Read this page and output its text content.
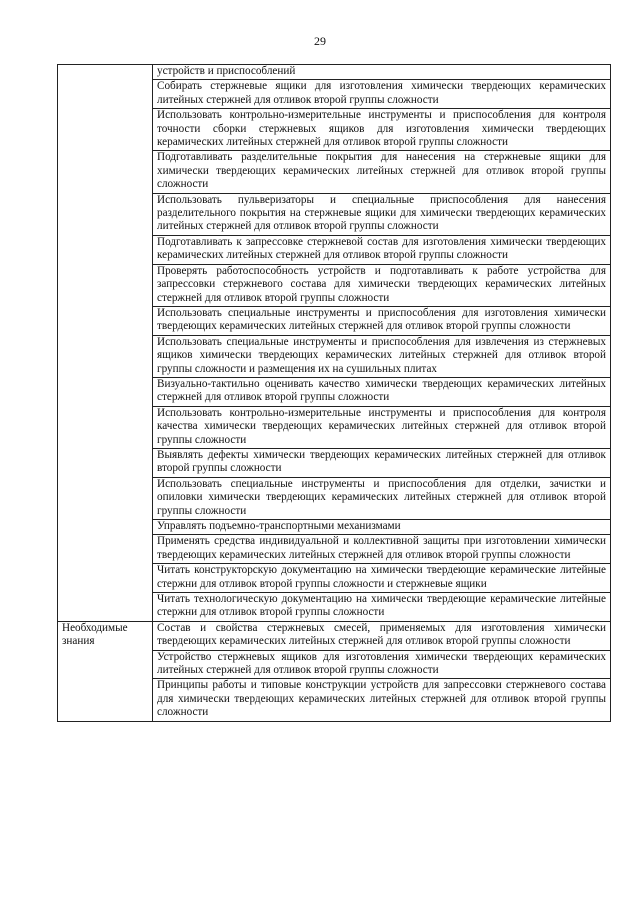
29
	устройств и приспособлений
	Собирать стержневые ящики для изготовления химически твердеющих керамических литейных стержней для отливок второй группы сложности
	Использовать контрольно-измерительные инструменты и приспособления для контроля точности сборки стержневых ящиков для изготовления химически твердеющих керамических литейных стержней для отливок второй группы сложности
	Подготавливать разделительные покрытия для нанесения на стержневые ящики для химически твердеющих керамических литейных стержней для отливок второй группы сложности
	Использовать пульверизаторы и специальные приспособления для нанесения разделительного покрытия на стержневые ящики для химически твердеющих керамических литейных стержней для отливок второй группы сложности
	Подготавливать к запрессовке стержневой состав для изготовления химически твердеющих керамических литейных стержней для отливок второй группы сложности
	Проверять работоспособность устройств и подготавливать к работе устройства для запрессовки стержневого состава для химически твердеющих керамических литейных стержней для отливок второй группы сложности
	Использовать специальные инструменты и приспособления для изготовления химически твердеющих керамических литейных стержней для отливок второй группы сложности
	Использовать специальные инструменты и приспособления для извлечения из стержневых ящиков химически твердеющих керамических литейных стержней для отливок второй группы сложности и размещения их на сушильных плитах
	Визуально-тактильно оценивать качество химически твердеющих керамических литейных стержней для отливок второй группы сложности
	Использовать контрольно-измерительные инструменты и приспособления для контроля качества химически твердеющих керамических литейных стержней для отливок второй группы сложности
	Выявлять дефекты химически твердеющих керамических литейных стержней для отливок второй группы сложности
	Использовать специальные инструменты и приспособления для отделки, зачистки и опиловки химически твердеющих керамических литейных стержней для отливок второй группы сложности
	Управлять подъемно-транспортными механизмами
	Применять средства индивидуальной и коллективной защиты при изготовлении химически твердеющих керамических литейных стержней для отливок второй группы сложности
	Читать конструкторскую документацию на химически твердеющие керамические литейные стержни для отливок второй группы сложности и стержневые ящики
	Читать технологическую документацию на химически твердеющие керамические литейные стержни для отливок второй группы сложности
Необходимые знания	Состав и свойства стержневых смесей, применяемых для изготовления химически твердеющих керамических литейных стержней для отливок второй группы сложности
	Устройство стержневых ящиков для изготовления химически твердеющих керамических литейных стержней для отливок второй группы сложности
	Принципы работы и типовые конструкции устройств для запрессовки стержневого состава для химически твердеющих керамических литейных стержней для отливок второй группы сложности
